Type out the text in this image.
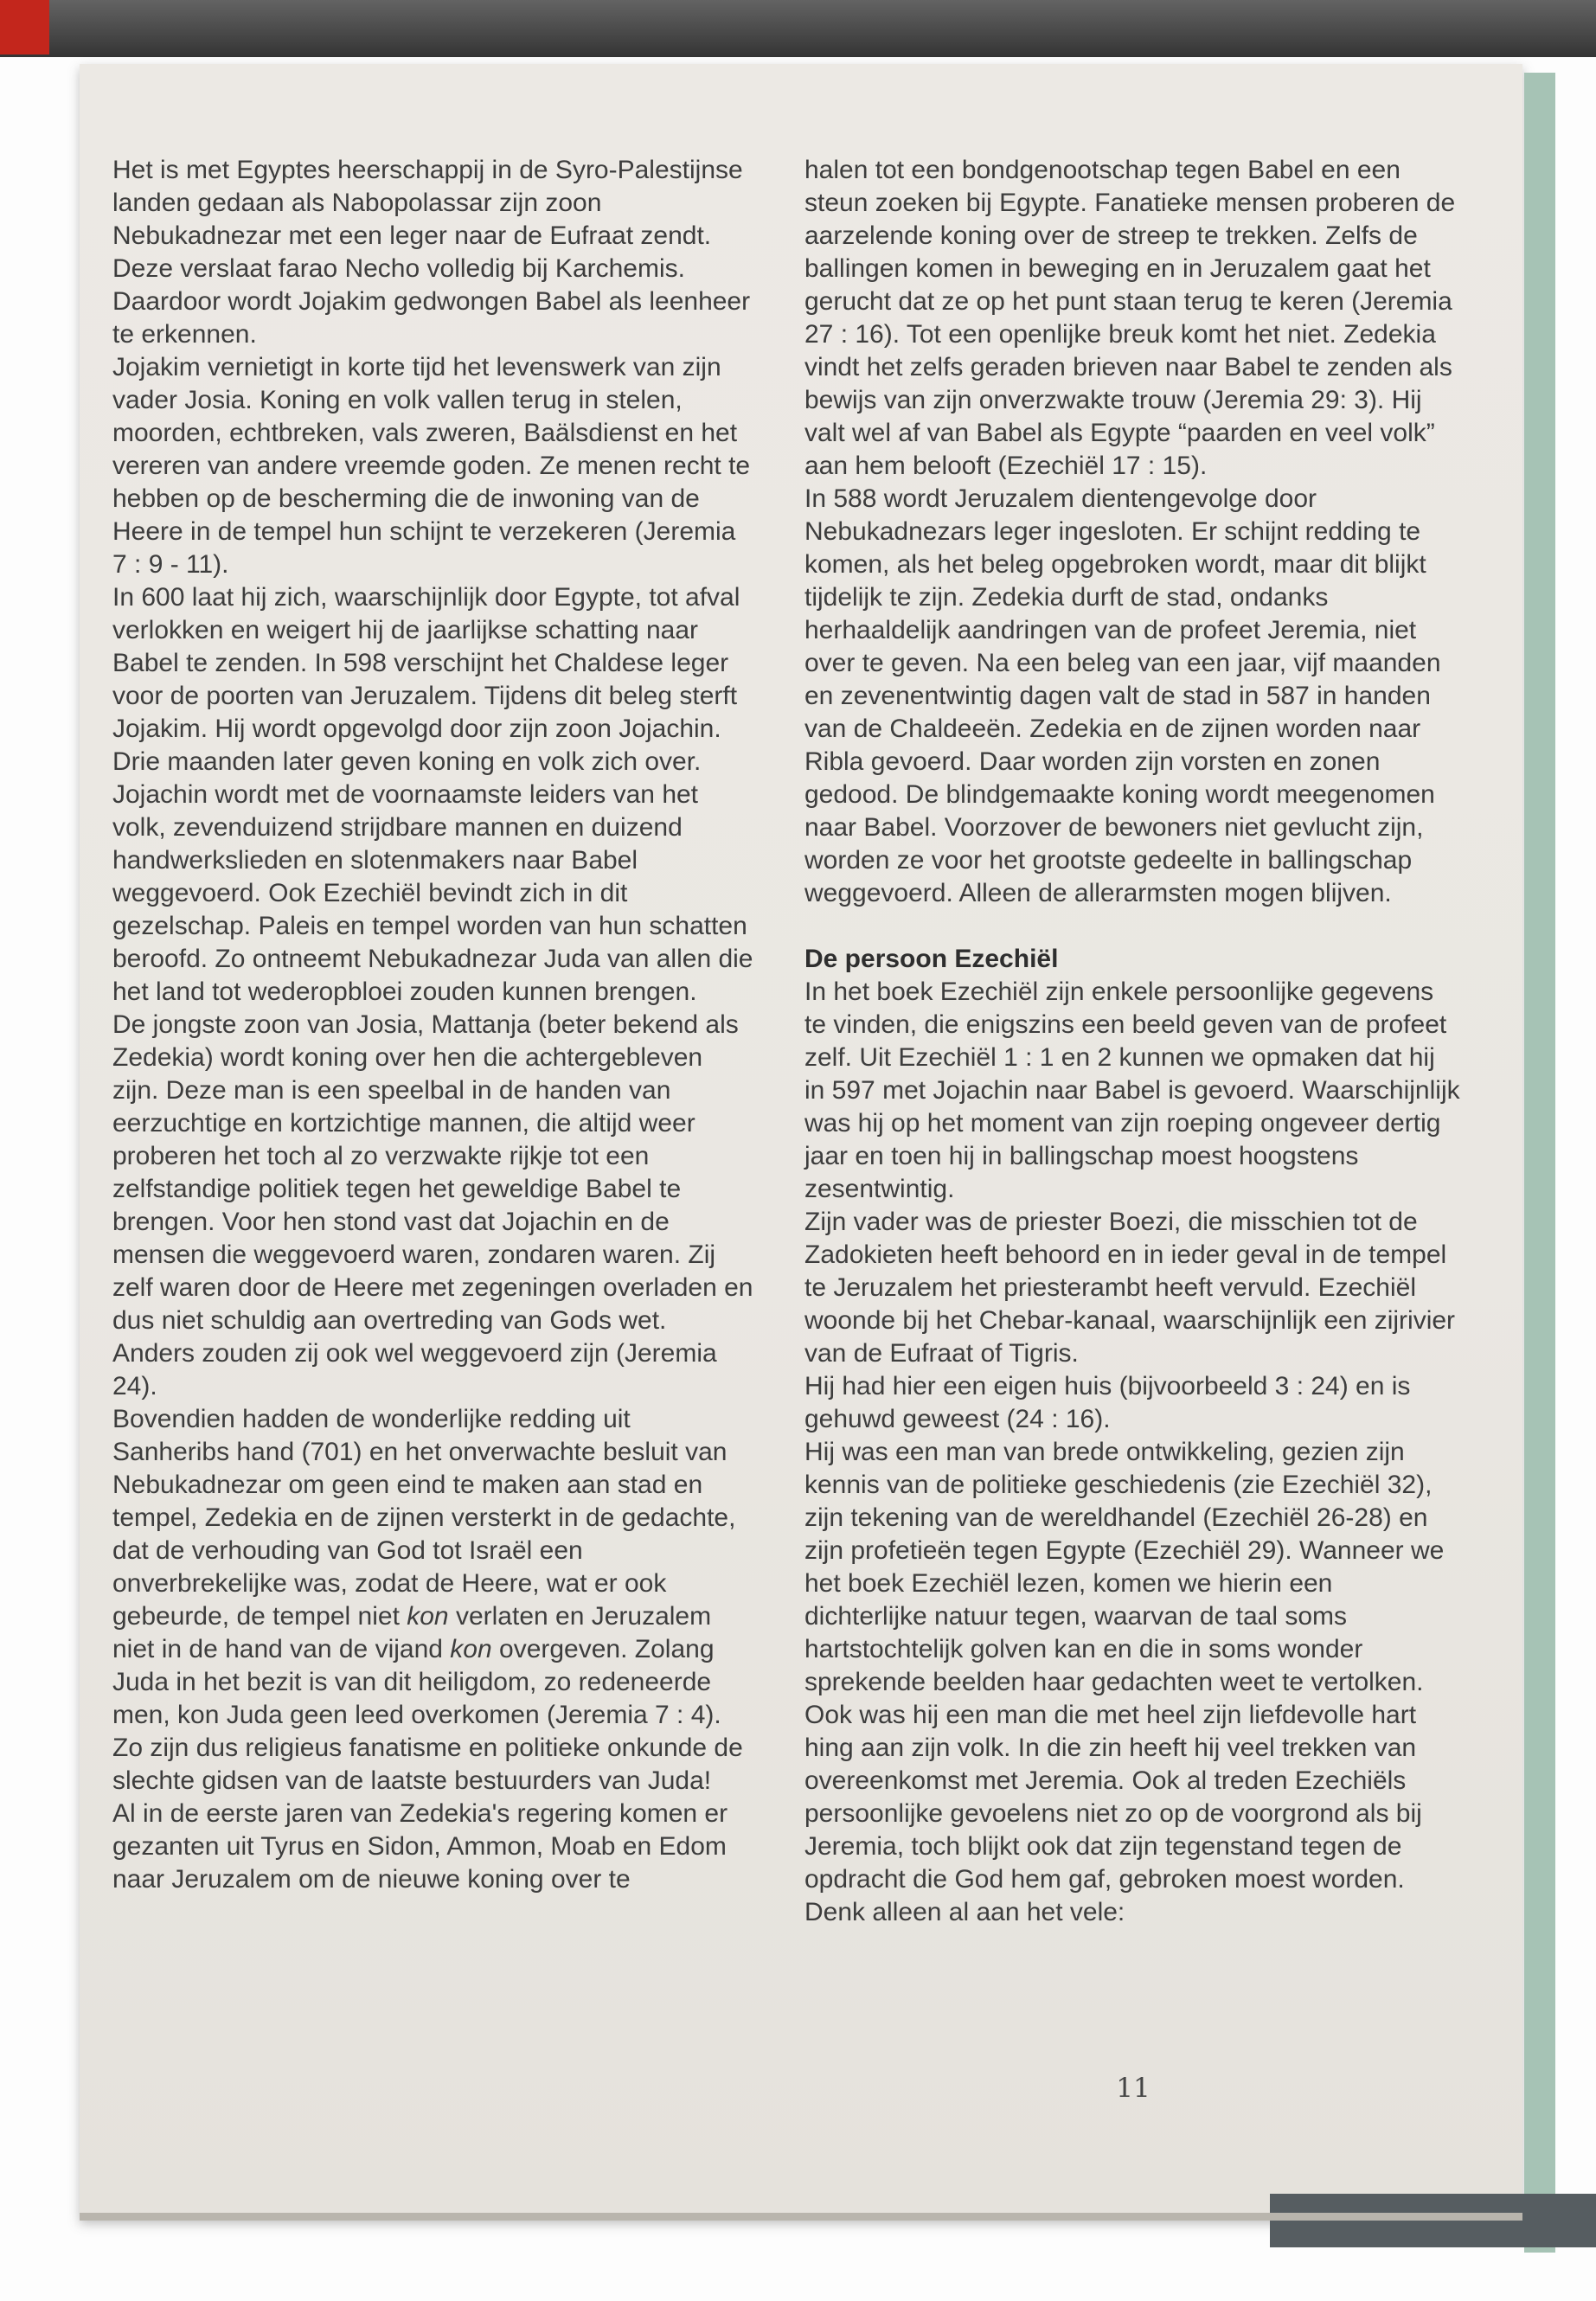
Het is met Egyptes heerschappij in de Syro-Palestijnse landen gedaan als Nabopolassar zijn zoon Nebukadnezar met een leger naar de Eufraat zendt. Deze verslaat farao Necho volledig bij Karchemis. Daardoor wordt Jojakim gedwongen Babel als leenheer te erkennen.

Jojakim vernietigt in korte tijd het levenswerk van zijn vader Josia. Koning en volk vallen terug in stelen, moorden, echtbreken, vals zweren, Baälsdienst en het vereren van andere vreemde goden. Ze menen recht te hebben op de bescherming die de inwoning van de Heere in de tempel hun schijnt te verzekeren (Jeremia 7 : 9 - 11).

In 600 laat hij zich, waarschijnlijk door Egypte, tot afval verlokken en weigert hij de jaarlijkse schatting naar Babel te zenden. In 598 verschijnt het Chaldese leger voor de poorten van Jeruzalem. Tijdens dit beleg sterft Jojakim. Hij wordt opgevolgd door zijn zoon Jojachin. Drie maanden later geven koning en volk zich over. Jojachin wordt met de voornaamste leiders van het volk, zevenduizend strijdbare mannen en duizend handwerkslieden en slotenmakers naar Babel weggevoerd. Ook Ezechiël bevindt zich in dit gezelschap. Paleis en tempel worden van hun schatten beroofd. Zo ontneemt Nebukadnezar Juda van allen die het land tot wederopbloei zouden kunnen brengen.

De jongste zoon van Josia, Mattanja (beter bekend als Zedekia) wordt koning over hen die achtergebleven zijn. Deze man is een speelbal in de handen van eerzuchtige en kortzichtige mannen, die altijd weer proberen het toch al zo verzwakte rijkje tot een zelfstandige politiek tegen het geweldige Babel te brengen. Voor hen stond vast dat Jojachin en de mensen die weggevoerd waren, zondaren waren. Zij zelf waren door de Heere met zegeningen overladen en dus niet schuldig aan overtreding van Gods wet. Anders zouden zij ook wel weggevoerd zijn (Jeremia 24).

Bovendien hadden de wonderlijke redding uit Sanheribs hand (701) en het onverwachte besluit van Nebukadnezar om geen eind te maken aan stad en tempel, Zedekia en de zijnen versterkt in de gedachte, dat de verhouding van God tot Israël een onverbrekelijke was, zodat de Heere, wat er ook gebeurde, de tempel niet kon verlaten en Jeruzalem niet in de hand van de vijand kon overgeven. Zolang Juda in het bezit is van dit heiligdom, zo redeneerde men, kon Juda geen leed overkomen (Jeremia 7 : 4).

Zo zijn dus religieus fanatisme en politieke onkunde de slechte gidsen van de laatste bestuurders van Juda!

Al in de eerste jaren van Zedekia's regering komen er gezanten uit Tyrus en Sidon, Ammon, Moab en Edom naar Jeruzalem om de nieuwe koning over te

halen tot een bondgenootschap tegen Babel en een steun zoeken bij Egypte. Fanatieke mensen proberen de aarzelende koning over de streep te trekken. Zelfs de ballingen komen in beweging en in Jeruzalem gaat het gerucht dat ze op het punt staan terug te keren (Jeremia 27 : 16). Tot een openlijke breuk komt het niet. Zedekia vindt het zelfs geraden brieven naar Babel te zenden als bewijs van zijn onverzwakte trouw (Jeremia 29: 3). Hij valt wel af van Babel als Egypte “paarden en veel volk” aan hem belooft (Ezechiël 17 : 15).

In 588 wordt Jeruzalem dientengevolge door Nebukadnezars leger ingesloten. Er schijnt redding te komen, als het beleg opgebroken wordt, maar dit blijkt tijdelijk te zijn. Zedekia durft de stad, ondanks herhaaldelijk aandringen van de profeet Jeremia, niet over te geven. Na een beleg van een jaar, vijf maanden en zevenentwintig dagen valt de stad in 587 in handen van de Chaldeeën. Zedekia en de zijnen worden naar Ribla gevoerd. Daar worden zijn vorsten en zonen gedood. De blindgemaakte koning wordt meegenomen naar Babel. Voorzover de bewoners niet gevlucht zijn, worden ze voor het grootste gedeelte in ballingschap weggevoerd. Alleen de allerarmsten mogen blijven.

De persoon Ezechiël

In het boek Ezechiël zijn enkele persoonlijke gegevens te vinden, die enigszins een beeld geven van de profeet zelf. Uit Ezechiël 1 : 1 en 2 kunnen we opmaken dat hij in 597 met Jojachin naar Babel is gevoerd. Waarschijnlijk was hij op het moment van zijn roeping ongeveer dertig jaar en toen hij in ballingschap moest hoogstens zesentwintig.

Zijn vader was de priester Boezi, die misschien tot de Zadokieten heeft behoord en in ieder geval in de tempel te Jeruzalem het priesterambt heeft vervuld. Ezechiël woonde bij het Chebar-kanaal, waarschijnlijk een zijrivier van de Eufraat of Tigris.

Hij had hier een eigen huis (bijvoorbeeld 3 : 24) en is gehuwd geweest (24 : 16).

Hij was een man van brede ontwikkeling, gezien zijn kennis van de politieke geschiedenis (zie Ezechiël 32), zijn tekening van de wereldhandel (Ezechiël 26-28) en zijn profetieën tegen Egypte (Ezechiël 29). Wanneer we het boek Ezechiël lezen, komen we hierin een dichterlijke natuur tegen, waarvan de taal soms hartstochtelijk golven kan en die in soms wonder sprekende beelden haar gedachten weet te vertolken. Ook was hij een man die met heel zijn liefdevolle hart hing aan zijn volk. In die zin heeft hij veel trekken van overeenkomst met Jeremia. Ook al treden Ezechiëls persoonlijke gevoelens niet zo op de voorgrond als bij Jeremia, toch blijkt ook dat zijn tegenstand tegen de opdracht die God hem gaf, gebroken moest worden. Denk alleen al aan het vele:

11
